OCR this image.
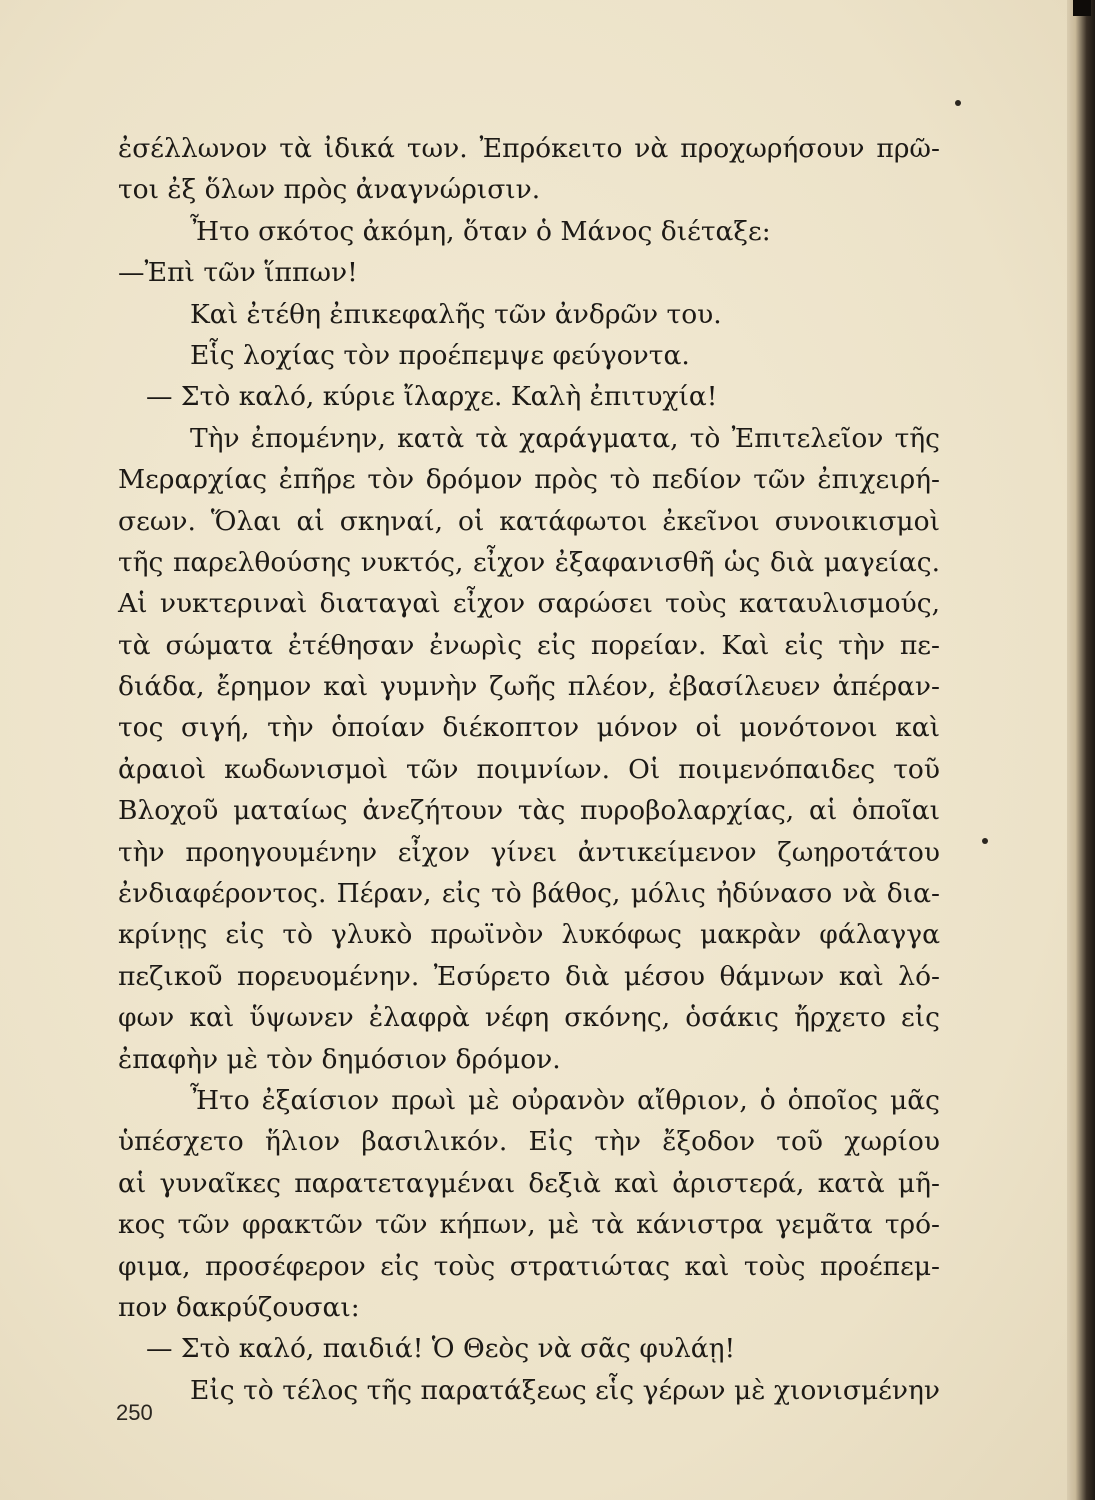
ἐσέλλωνον τὰ ἰδικά των. Ἐπρόκειτο νὰ προχωρήσουν πρῶ-
τοι ἐξ ὅλων πρὸς ἀναγνώρισιν.
Ἦτο σκότος ἀκόμη, ὅταν ὁ Μάνος διέταξε:
—Ἐπὶ τῶν ἵππων!
Καὶ ἐτέθη ἐπικεφαλῆς τῶν ἀνδρῶν του.
Εἷς λοχίας τὸν προέπεμψε φεύγοντα.
— Στὸ καλό, κύριε ἴλαρχε. Καλὴ ἐπιτυχία!
Τὴν ἐπομένην, κατὰ τὰ χαράγματα, τὸ Ἐπιτελεῖον τῆς
Μεραρχίας ἐπῆρε τὸν δρόμον πρὸς τὸ πεδίον τῶν ἐπιχειρή-
σεων. Ὅλαι αἱ σκηναί, οἱ κατάφωτοι ἐκεῖνοι συνοικισμοὶ
τῆς παρελθούσης νυκτός, εἶχον ἐξαφανισθῆ ὡς διὰ μαγείας.
Αἱ νυκτεριναὶ διαταγαὶ εἶχον σαρώσει τοὺς καταυλισμούς,
τὰ σώματα ἐτέθησαν ἐνωρὶς εἰς πορείαν. Καὶ εἰς τὴν πε-
διάδα, ἔρημον καὶ γυμνὴν ζωῆς πλέον, ἐβασίλευεν ἀπέραν-
τος σιγή, τὴν ὁποίαν διέκοπτον μόνον οἱ μονότονοι καὶ
ἀραιοὶ κωδωνισμοὶ τῶν ποιμνίων. Οἱ ποιμενόπαιδες τοῦ
Βλοχοῦ ματαίως ἀνεζήτουν τὰς πυροβολαρχίας, αἱ ὁποῖαι
τὴν προηγουμένην εἶχον γίνει ἀντικείμενον ζωηροτάτου
ἐνδιαφέροντος. Πέραν, εἰς τὸ βάθος, μόλις ἠδύνασο νὰ δια-
κρίνῃς εἰς τὸ γλυκὸ πρωϊνὸν λυκόφως μακρὰν φάλαγγα
πεζικοῦ πορευομένην. Ἐσύρετο διὰ μέσου θάμνων καὶ λό-
φων καὶ ὕψωνεν ἐλαφρὰ νέφη σκόνης, ὁσάκις ἤρχετο εἰς
ἐπαφὴν μὲ τὸν δημόσιον δρόμον.
Ἦτο ἐξαίσιον πρωὶ μὲ οὐρανὸν αἴθριον, ὁ ὁποῖος μᾶς
ὑπέσχετο ἥλιον βασιλικόν. Εἰς τὴν ἔξοδον τοῦ χωρίου
αἱ γυναῖκες παρατεταγμέναι δεξιὰ καὶ ἀριστερά, κατὰ μῆ-
κος τῶν φρακτῶν τῶν κήπων, μὲ τὰ κάνιστρα γεμᾶτα τρό-
φιμα, προσέφερον εἰς τοὺς στρατιώτας καὶ τοὺς προέπεμ-
πον δακρύζουσαι:
— Στὸ καλό, παιδιά! Ὁ Θεὸς νὰ σᾶς φυλάῃ!
Εἰς τὸ τέλος τῆς παρατάξεως εἷς γέρων μὲ χιονισμένην
250
